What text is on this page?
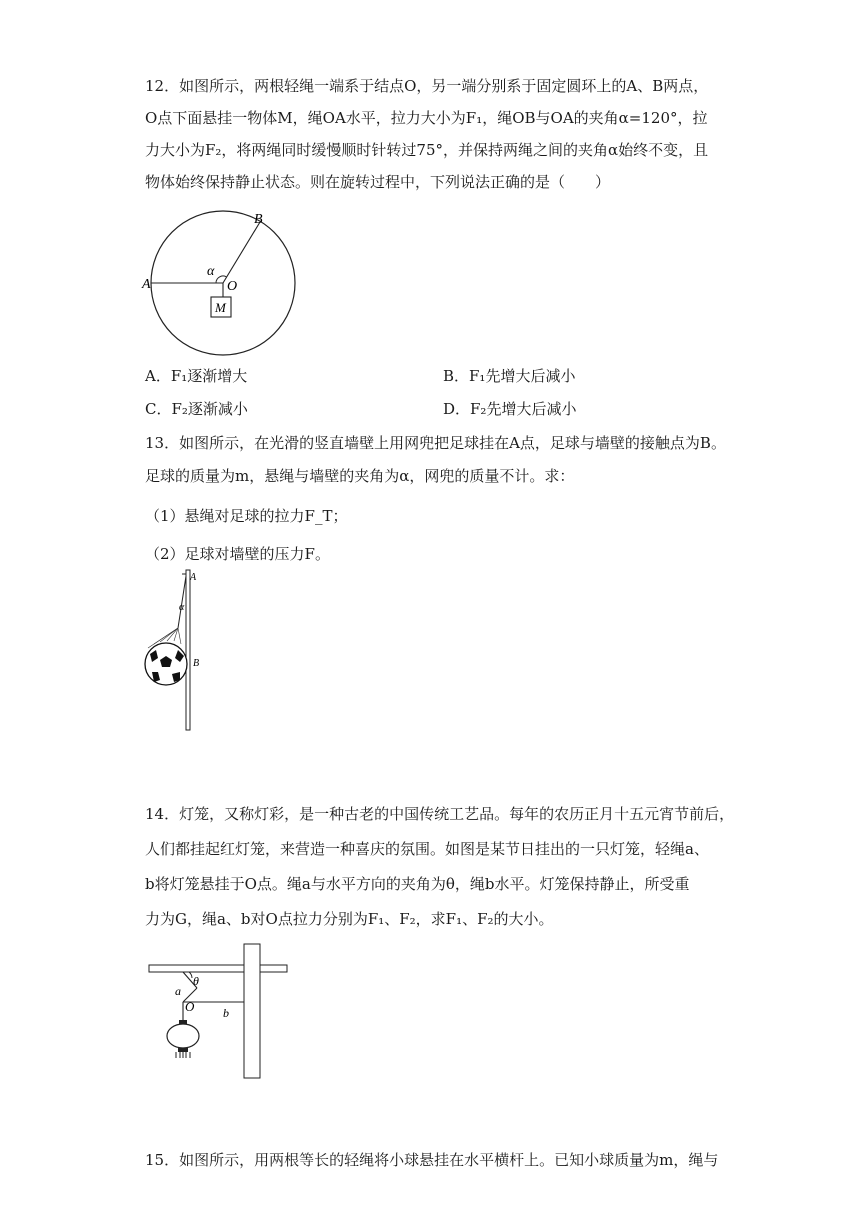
12．如图所示，两根轻绳一端系于结点O，另一端分别系于固定圆环上的A、B两点，
O点下面悬挂一物体M，绳OA水平，拉力大小为F₁，绳OB与OA的夹角α=120°，拉
力大小为F₂，将两绳同时缓慢顺时针转过75°，并保持两绳之间的夹角α始终不变，且
物体始终保持静止状态。则在旋转过程中，下列说法正确的是（　　）
A
B
O
M
α
A．F₁逐渐增大	B．F₁先增大后减小
C．F₂逐渐减小	D．F₂先增大后减小
13．如图所示，在光滑的竖直墙壁上用网兜把足球挂在A点，足球与墙壁的接触点为B。
足球的质量为m，悬绳与墙壁的夹角为α，网兜的质量不计。求：
（1）悬绳对足球的拉力F_T；
（2）足球对墙壁的压力F。
A
B
α
14．灯笼，又称灯彩，是一种古老的中国传统工艺品。每年的农历正月十五元宵节前后，
人们都挂起红灯笼，来营造一种喜庆的氛围。如图是某节日挂出的一只灯笼，轻绳a、
b将灯笼悬挂于O点。绳a与水平方向的夹角为θ，绳b水平。灯笼保持静止，所受重
力为G，绳a、b对O点拉力分别为F₁、F₂，求F₁、F₂的大小。
θ
a
b
O
15．如图所示，用两根等长的轻绳将小球悬挂在水平横杆上。已知小球质量为m，绳与
